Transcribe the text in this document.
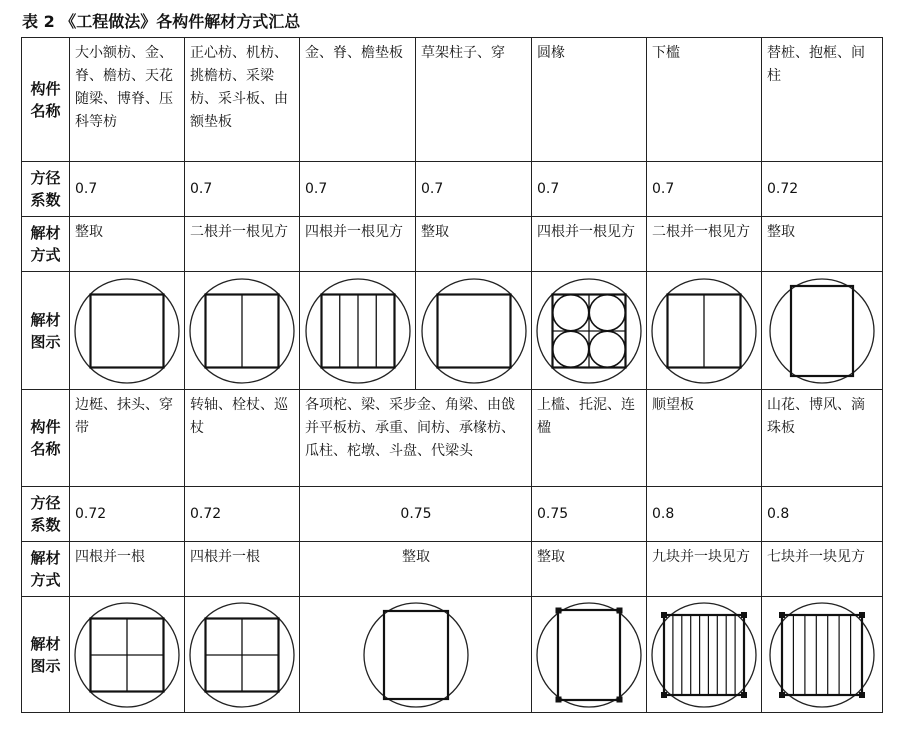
表 2 《工程做法》各构件解材方式汇总
构件
名称	大小额枋、金、脊、檐枋、天花随梁、博脊、压科等枋	正心枋、机枋、挑檐枋、采梁枋、采斗板、由额垫板	金、脊、檐垫板	草架柱子、穿	圆椽	下槛	替桩、抱框、间柱
方径
系数	0.7	0.7	0.7	0.7	0.7	0.7	0.72
解材
方式	整取	二根并一根见方	四根并一根见方	整取	四根并一根见方	二根并一根见方	整取
解材
图示	

构件
名称	边梃、抹头、穿带	转轴、栓杖、巡杖	各项柁、梁、采步金、角梁、由戗并平板枋、承重、间枋、承椽枋、瓜柱、柁墩、斗盘、代梁头		上槛、托泥、连楹	顺望板	山花、博风、滴珠板
方径
系数	0.72	0.72	0.75		0.75	0.8	0.8
解材
方式	四根并一根	四根并一根	整取		整取	九块并一块见方	七块并一块见方
解材
图示	
